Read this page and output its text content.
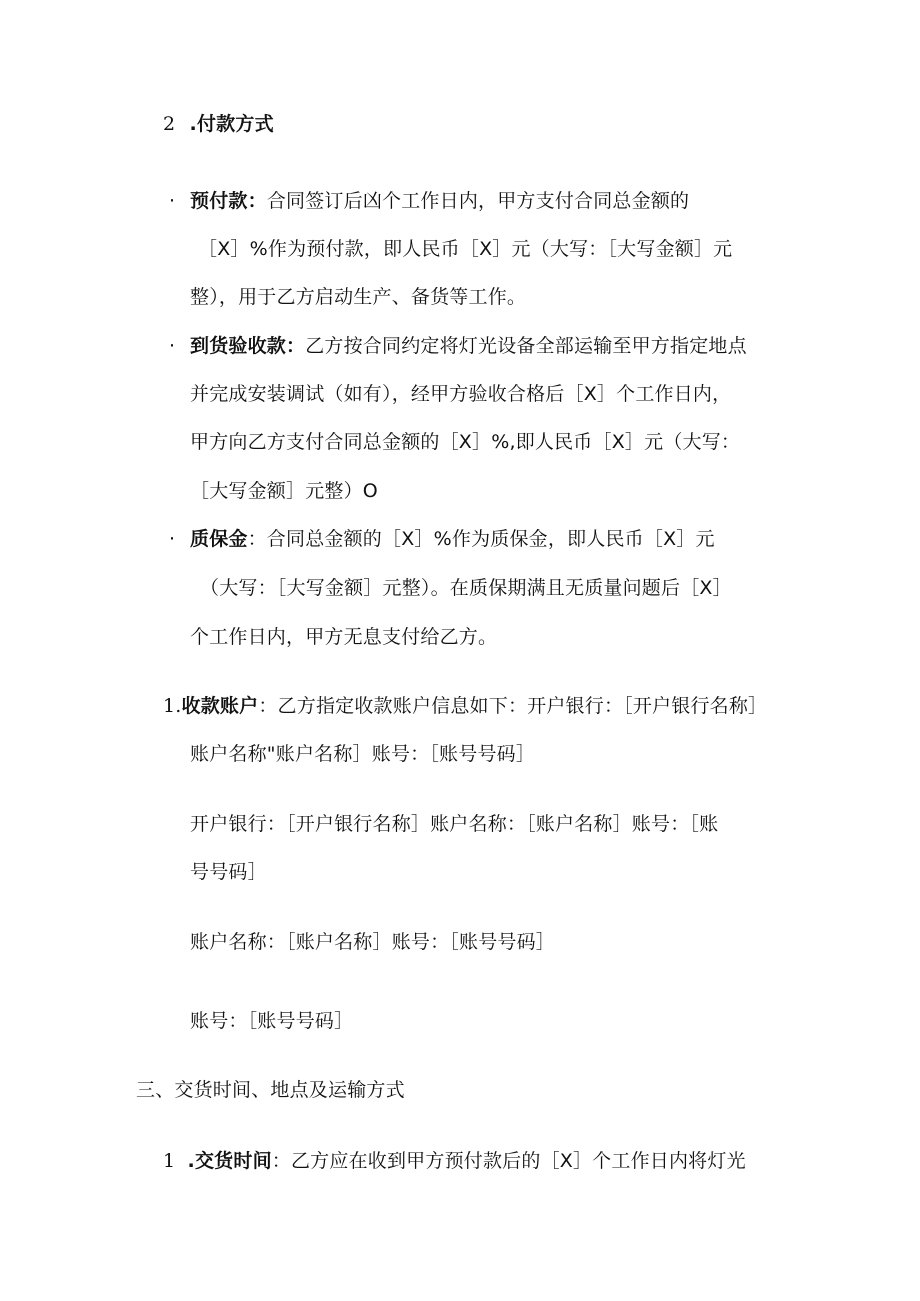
2 .付款方式
· 预付款：合同签订后凶个工作日内，甲方支付合同总金额的
［X］%作为预付款，即人民币［X］元（大写：［大写金额］元
整），用于乙方启动生产、备货等工作。
· 到货验收款：乙方按合同约定将灯光设备全部运输至甲方指定地点
并完成安装调试（如有），经甲方验收合格后［X］个工作日内，
甲方向乙方支付合同总金额的［X］%,即人民币［X］元（大写：
［大写金额］元整）O
· 质保金：合同总金额的［X］%作为质保金，即人民币［X］元
（大写：［大写金额］元整）。在质保期满且无质量问题后［X］
个工作日内，甲方无息支付给乙方。
1.收款账户：乙方指定收款账户信息如下：开户银行：［开户银行名称］
账户名称"账户名称］账号：［账号号码］
开户银行：［开户银行名称］账户名称：［账户名称］账号：［账
号号码］
账户名称：［账户名称］账号：［账号号码］
账号：［账号号码］
三、交货时间、地点及运输方式
1 .交货时间：乙方应在收到甲方预付款后的［X］个工作日内将灯光
